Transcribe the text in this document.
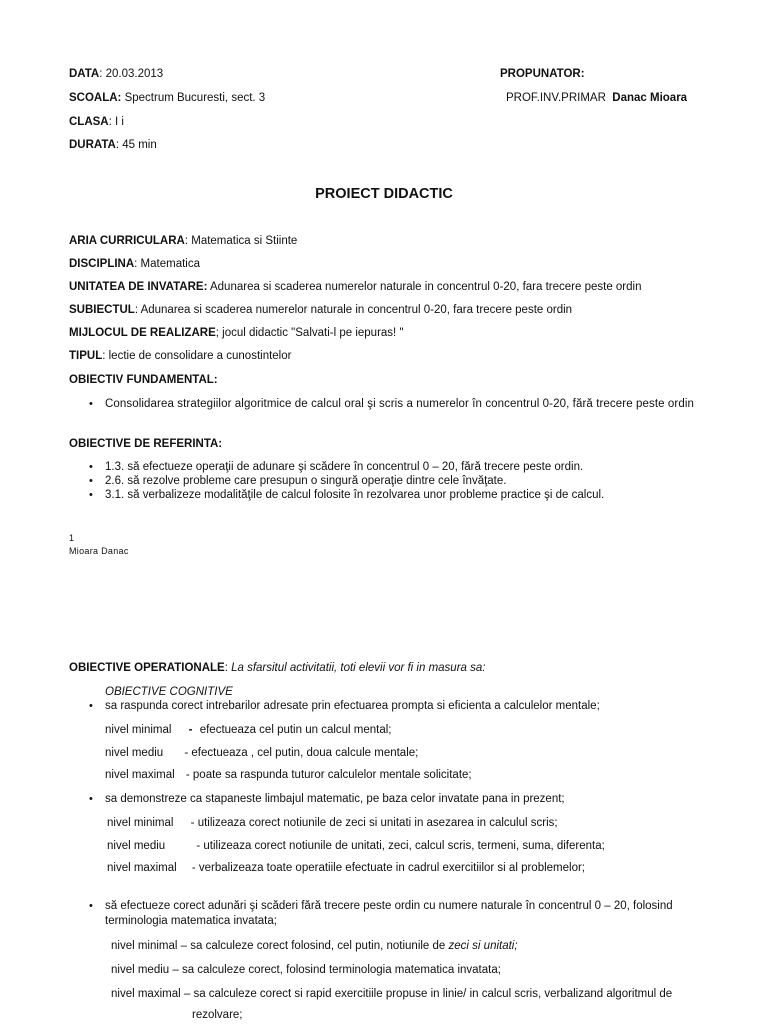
DATA: 20.03.2013
SCOALA: Spectrum Bucuresti, sect. 3
CLASA: I i
DURATA: 45 min
PROPUNATOR:
PROF.INV.PRIMAR Danac Mioara
PROIECT DIDACTIC
ARIA CURRICULARA: Matematica si Stiinte
DISCIPLINA: Matematica
UNITATEA DE INVATARE: Adunarea si scaderea numerelor naturale in concentrul 0-20, fara trecere peste ordin
SUBIECTUL: Adunarea si scaderea numerelor naturale in concentrul 0-20, fara trecere peste ordin
MIJLOCUL DE REALIZARE; jocul didactic "Salvati-l pe iepuras! "
TIPUL: lectie de consolidare a cunostintelor
OBIECTIV FUNDAMENTAL:
• Consolidarea strategiilor algoritmice de calcul oral şi scris a numerelor în concentrul 0-20, fără trecere peste ordin
OBIECTIVE DE REFERINTA:
• 1.3. să efectueze operaţii de adunare şi scădere în concentrul 0 – 20, fără trecere peste ordin.
• 2.6. să rezolve probleme care presupun o singură operaţie dintre cele învăţate.
• 3.1. să verbalizeze modalităţile de calcul folosite în rezolvarea unor probleme practice şi de calcul.
1
Mioara Danac
OBIECTIVE OPERATIONALE: La sfarsitul activitatii, toti elevii vor fi in masura sa:
OBIECTIVE COGNITIVE
• sa raspunda corect intrebarilor adresate prin efectuarea prompta si eficienta a calculelor mentale;
nivel minimal - efectueaza cel putin un calcul mental;
nivel mediu - efectueaza , cel putin, doua calcule mentale;
nivel maximal - poate sa raspunda tuturor calculelor mentale solicitate;
• sa demonstreze ca stapaneste limbajul matematic, pe baza celor invatate pana in prezent;
nivel minimal - utilizeaza corect notiunile de zeci si unitati in asezarea in calculul scris;
nivel mediu	- utilizeaza corect notiunile de unitati, zeci, calcul scris, termeni, suma, diferenta;
nivel maximal - verbalizeaza toate operatiile efectuate in cadrul exercitiilor si al problemelor;
• să efectueze corect adunări şi scăderi fără trecere peste ordin cu numere naturale în concentrul 0 – 20, folosind
terminologia matematica invatata;
nivel minimal – sa calculeze corect folosind, cel putin, notiunile de zeci si unitati;
nivel mediu – sa calculeze corect, folosind terminologia matematica invatata;
nivel maximal – sa calculeze corect si rapid exercitiile propuse in linie/ in calcul scris, verbalizand algoritmul de
rezolvare;
